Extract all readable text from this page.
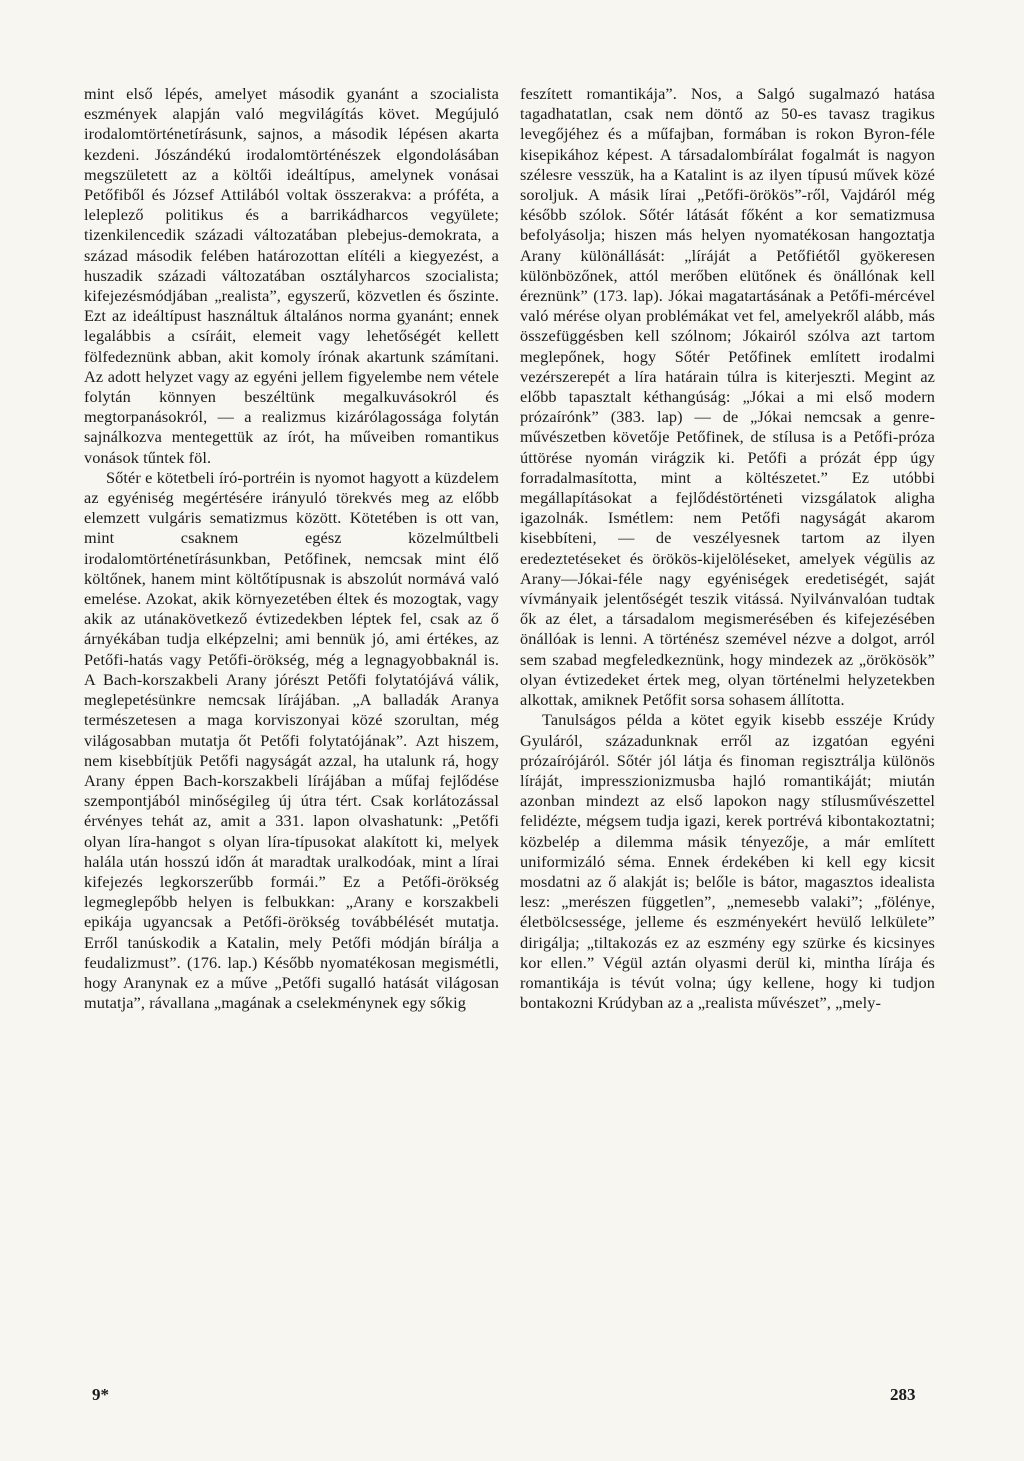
mint első lépés, amelyet második gyanánt a szocialista eszmények alapján való megvilágítás követ. Megújuló irodalomtörténetírásunk, sajnos, a második lépésen akarta kezdeni. Jószándékú irodalomtörténészek elgondolásában megszületett az a költői ideáltípus, amelynek vonásai Petőfiből és József Attilából voltak összerakva: a próféta, a leleplező politikus és a barrikádharcos vegyülete; tizenkilencedik századi változatában plebejus-demokrata, a század második felében határozottan elítéli a kiegyezést, a huszadik századi változatában osztályharcos szocialista; kifejezésmódjában „realista”, egyszerű, közvetlen és őszinte. Ezt az ideáltípust használtuk általános norma gyanánt; ennek legalábbis a csíráit, elemeit vagy lehetőségét kellett fölfedeznünk abban, akit komoly írónak akartunk számítani. Az adott helyzet vagy az egyéni jellem figyelembe nem vétele folytán könnyen beszéltünk megalkuvásokról és megtorpanásokról, — a realizmus kizárólagossága folytán sajnálkozva mentegettük az írót, ha műveiben romantikus vonások tűntek föl.

Sőtér e kötetbeli író-portréin is nyomot hagyott a küzdelem az egyéniség megértésére irányuló törekvés meg az előbb elemzett vulgáris sematizmus között. Kötetében is ott van, mint csaknem egész közelmúltbeli irodalomtörténetírásunkban, Petőfinek, nemcsak mint élő költőnek, hanem mint költőtípusnak is abszolút normává való emelése. Azokat, akik környezetében éltek és mozogtak, vagy akik az utánakövetkező évtizedekben léptek fel, csak az ő árnyékában tudja elképzelni; ami bennük jó, ami értékes, az Petőfi-hatás vagy Petőfi-örökség, még a legnagyobbaknál is. A Bach-korszakbeli Arany jórészt Petőfi folytatójává válik, meglepetésünkre nemcsak lírájában. „A balladák Aranya természetesen a maga korviszonyai közé szorultan, még világosabban mutatja őt Petőfi folytatójának”. Azt hiszem, nem kisebbítjük Petőfi nagyságát azzal, ha utalunk rá, hogy Arany éppen Bach-korszakbeli lírájában a műfaj fejlődése szempontjából minőségileg új útra tért. Csak korlátozással érvényes tehát az, amit a 331. lapon olvashatunk: „Petőfi olyan líra-hangot s olyan líra-típusokat alakított ki, melyek halála után hosszú időn át maradtak uralkodóak, mint a lírai kifejezés legkorszerűbb formái.” Ez a Petőfi-örökség legmeglepőbb helyen is felbukkan: „Arany e korszakbeli epikája ugyancsak a Petőfi-örökség továbbélését mutatja. Erről tanúskodik a Katalin, mely Petőfi módján bírálja a feudalizmust”. (176. lap.) Később nyomatékosan megismétli, hogy Aranynak ez a műve „Petőfi sugalló hatását világosan mutatja”, rávallana „magának a cselekménynek egy sőkig

feszített romantikája”. Nos, a Salgó sugalmazó hatása tagadhatatlan, csak nem döntő az 50-es tavasz tragikus levegőjéhez és a műfajban, formában is rokon Byron-féle kisepikához képest. A társadalombírálat fogalmát is nagyon szélesre vesszük, ha a Katalint is az ilyen típusú művek közé soroljuk. A másik lírai „Petőfi-örökös”-ről, Vajdáról még később szólok. Sőtér látását főként a kor sematizmusa befolyásolja; hiszen más helyen nyomatékosan hangoztatja Arany különállását: „líráját a Petőfiétől gyökeresen különbözőnek, attól merőben elütőnek és önállónak kell éreznünk” (173. lap). Jókai magatartásának a Petőfi-mércével való mérése olyan problémákat vet fel, amelyekről alább, más összefüggésben kell szólnom; Jókairól szólva azt tartom meglepőnek, hogy Sőtér Petőfinek említett irodalmi vezérszerepét a líra határain túlra is kiterjeszti. Megint az előbb tapasztalt kéthangúság: „Jókai a mi első modern prózaírónk” (383. lap) — de „Jókai nemcsak a genre-művészetben követője Petőfinek, de stílusa is a Petőfi-próza úttörése nyomán virágzik ki. Petőfi a prózát épp úgy forradalmasította, mint a költészetet.” Ez utóbbi megállapításokat a fejlődéstörténeti vizsgálatok aligha igazolnák. Ismétlem: nem Petőfi nagyságát akarom kisebbíteni, — de veszélyesnek tartom az ilyen eredeztetéseket és örökös-kijelöléseket, amelyek végülis az Arany—Jókai-féle nagy egyéniségek eredetiségét, saját vívmányaik jelentőségét teszik vitássá. Nyilvánvalóan tudtak ők az élet, a társadalom megismerésében és kifejezésében önállóak is lenni. A történész szemével nézve a dolgot, arról sem szabad megfeledkeznünk, hogy mindezek az „örökösök” olyan évtizedeket értek meg, olyan történelmi helyzetekben alkottak, amiknek Petőfit sorsa sohasem állította.

Tanulságos példa a kötet egyik kisebb esszéje Krúdy Gyuláról, századunknak erről az izgatóan egyéni prózaírójáról. Sőtér jól látja és finoman regisztrálja különös líráját, impresszionizmusba hajló romantikáját; miután azonban mindezt az első lapokon nagy stílusművészettel felidézte, mégsem tudja igazi, kerek portrévá kibontakoztatni; közbelép a dilemma másik tényezője, a már említett uniformizáló séma. Ennek érdekében ki kell egy kicsit mosdatni az ő alakját is; belőle is bátor, magasztos idealista lesz: „merészen független”, „nemesebb valaki”; „fölénye, életbölcsessége, jelleme és eszményekért hevülő lelkülete” dirigálja; „tiltakozás ez az eszmény egy szürke és kicsinyes kor ellen.” Végül aztán olyasmi derül ki, mintha lírája és romantikája is tévút volna; úgy kellene, hogy ki tudjon bontakozni Krúdyban az a „realista művészet”, „mely-

9*	283
